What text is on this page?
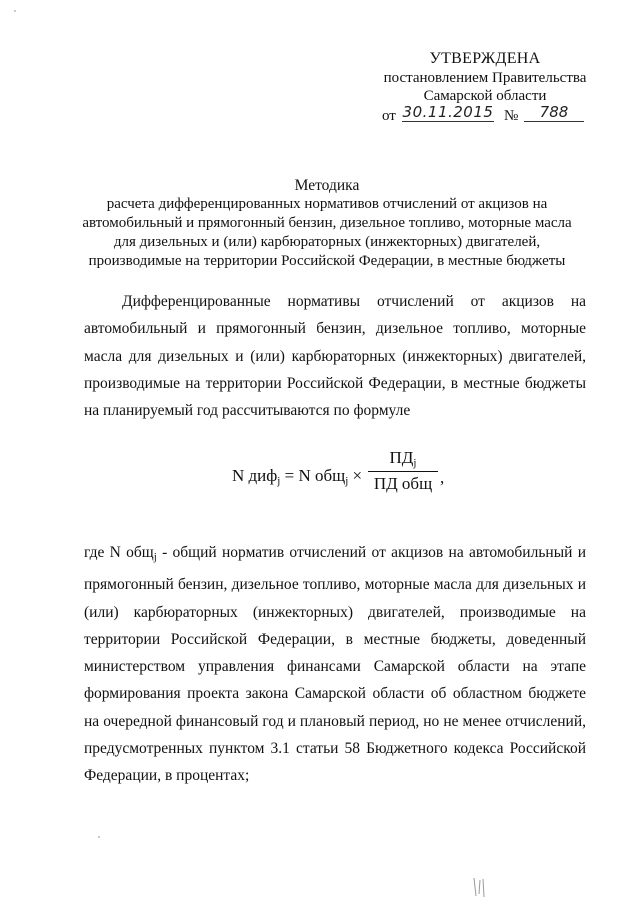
УТВЕРЖДЕНА
постановлением Правительства
Самарской области
от 30.11.2015 №	788
Методика
расчета дифференцированных нормативов отчислений от акцизов на автомобильный и прямогонный бензин, дизельное топливо, моторные масла для дизельных и (или) карбюраторных (инжекторных) двигателей, производимые на территории Российской Федерации, в местные бюджеты
Дифференцированные нормативы отчислений от акцизов на автомобильный и прямогонный бензин, дизельное топливо, моторные масла для дизельных и (или) карбюраторных (инжекторных) двигателей, производимые на территории Российской Федерации, в местные бюджеты на планируемый год рассчитываются по формуле
N диф$_j$ = N общ$_j$ ×
$ПД_j$
ПД общ ,
где N общ$_j$ - общий норматив отчислений от акцизов на автомобильный и прямогонный бензин, дизельное топливо, моторные масла для дизельных и (или) карбюраторных (инжекторных) двигателей, производимые на территории Российской Федерации, в местные бюджеты, доведенный министерством управления финансами Самарской области на этапе формирования проекта закона Самарской области об областном бюджете на очередной финансовый год и плановый период, но не менее отчислений, предусмотренных пунктом 3.1 статьи 58 Бюджетного кодекса Российской Федерации, в процентах;
